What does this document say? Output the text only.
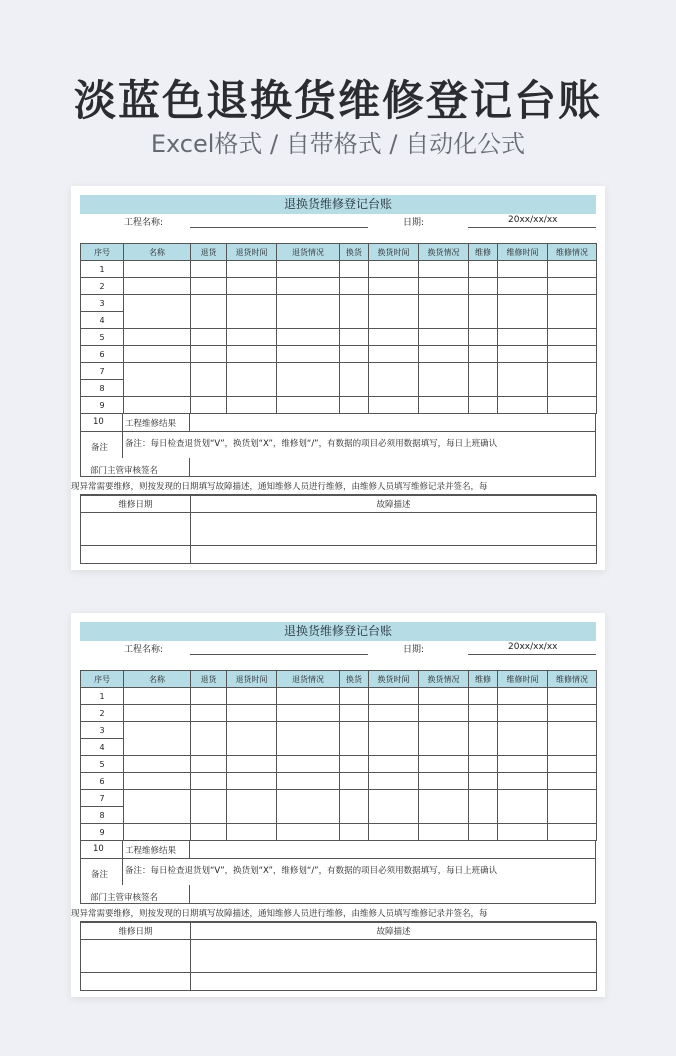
淡蓝色退换货维修登记台账
Excel格式 / 自带格式 / 自动化公式
退换货维修登记台账
工程名称:	日期:	20xx/xx/xx
序号	名称	退货	退货时间	退货情况	换货	换货时间	换货情况	维修	维修时间	维修情况
1										
2										
3										
4										
5										
6										
7										
8										
9										
10 工程维修结果
备注 备注：每日检查退货划“V”，换货划“X”，维修划“/”，有数据的项目必须用数据填写，每日上班确认
部门主管审核签名
现异常需要维修，则按发现的日期填写故障描述，通知维修人员进行维修，由维修人员填写维修记录并签名，每
维修日期	故障描述

退换货维修登记台账
工程名称:	日期:	20xx/xx/xx
序号	名称	退货	退货时间	退货情况	换货	换货时间	换货情况	维修	维修时间	维修情况
1										
2										
3										
4										
5										
6										
7										
8										
9										
10 工程维修结果
备注 备注：每日检查退货划“V”，换货划“X”，维修划“/”，有数据的项目必须用数据填写，每日上班确认
部门主管审核签名
现异常需要维修，则按发现的日期填写故障描述，通知维修人员进行维修，由维修人员填写维修记录并签名，每
维修日期	故障描述
